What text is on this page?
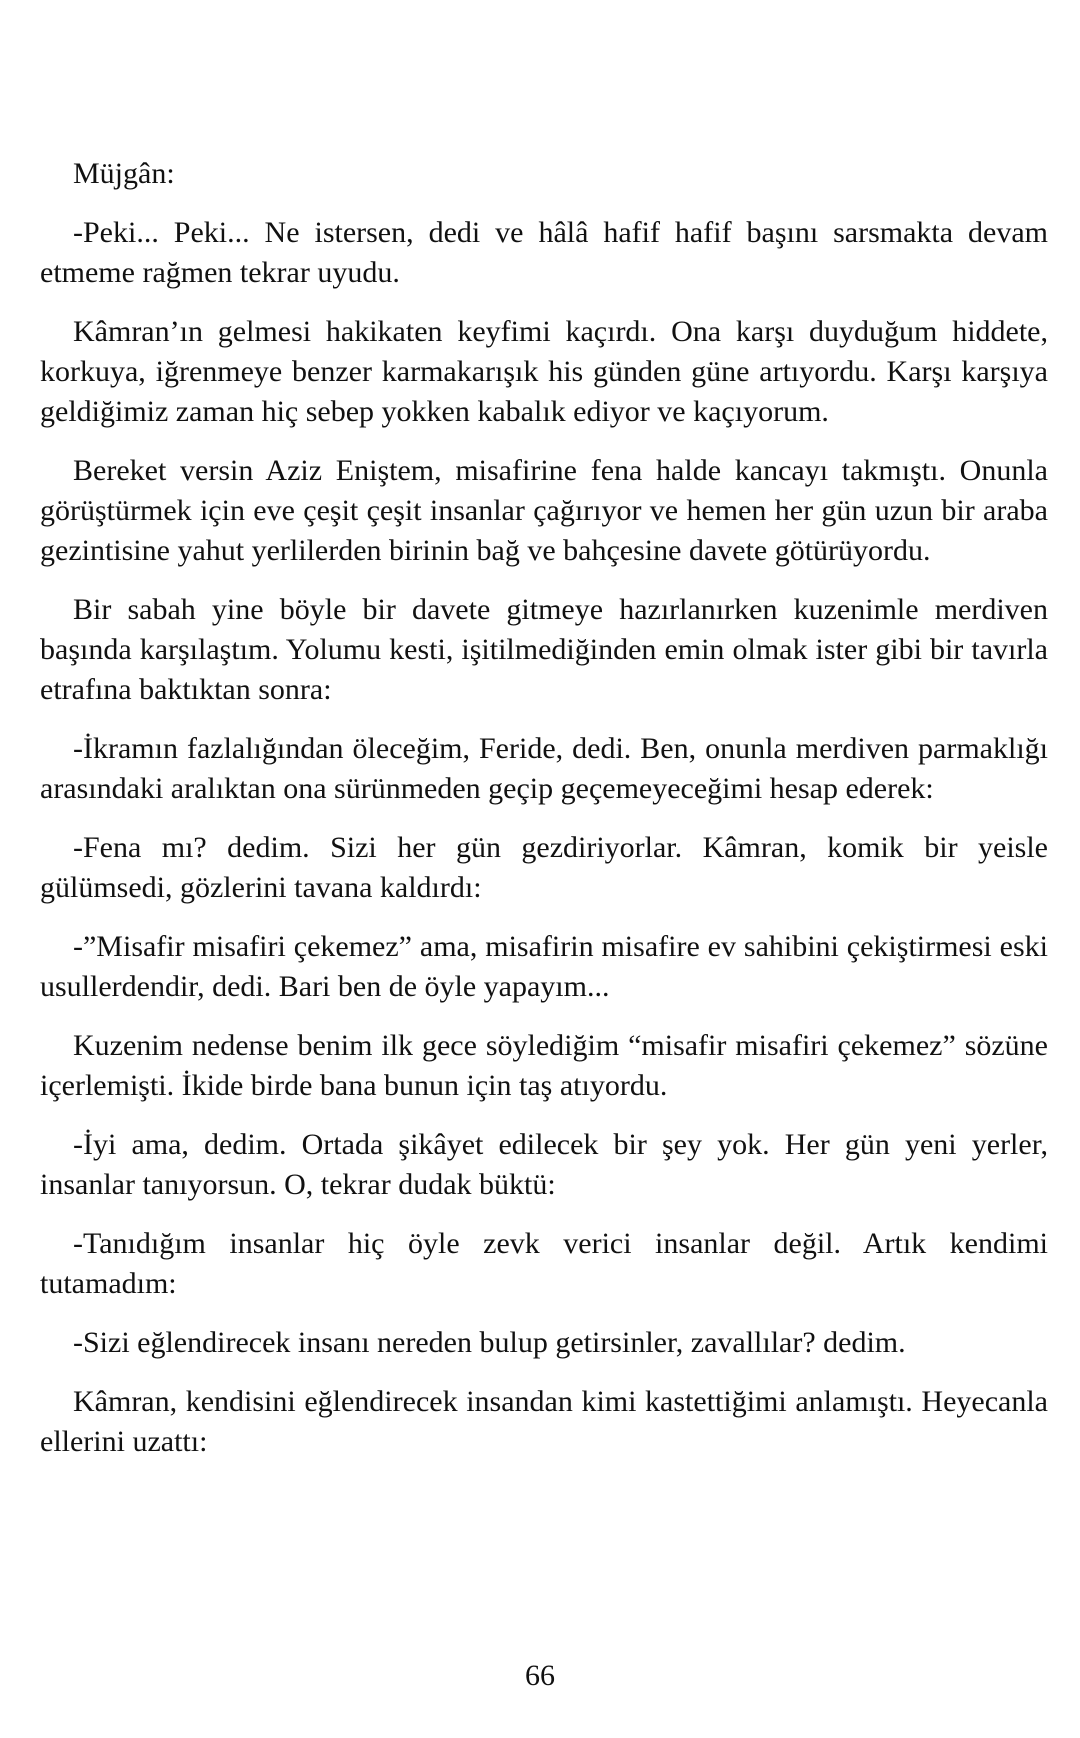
Müjgân:

-Peki... Peki... Ne istersen, dedi ve hâlâ hafif hafif başını sarsmakta devam etmeme rağmen tekrar uyudu.

Kâmran’ın gelmesi hakikaten keyfimi kaçırdı. Ona karşı duyduğum hiddete, korkuya, iğrenmeye benzer karmakarışık his günden güne artıyordu. Karşı karşıya geldiğimiz zaman hiç sebep yokken kabalık ediyor ve kaçıyorum.

Bereket versin Aziz Eniştem, misafirine fena halde kancayı takmıştı. Onunla görüştürmek için eve çeşit çeşit insanlar çağırıyor ve hemen her gün uzun bir araba gezintisine yahut yerlilerden birinin bağ ve bahçesine davete götürüyordu.

Bir sabah yine böyle bir davete gitmeye hazırlanırken kuzenimle merdiven başında karşılaştım. Yolumu kesti, işitilmediğinden emin olmak ister gibi bir tavırla etrafına baktıktan sonra:

-İkramın fazlalığından öleceğim, Feride, dedi. Ben, onunla merdiven parmaklığı arasındaki aralıktan ona sürünmeden geçip geçemeyeceğimi hesap ederek:

-Fena mı? dedim. Sizi her gün gezdiriyorlar. Kâmran, komik bir yeisle gülümsedi, gözlerini tavana kaldırdı:

-”Misafir misafiri çekemez” ama, misafirin misafire ev sahibini çekiştirmesi eski usullerdendir, dedi. Bari ben de öyle yapayım...

Kuzenim nedense benim ilk gece söylediğim “misafir misafiri çekemez” sözüne içerlemişti. İkide birde bana bunun için taş atıyordu.

-İyi ama, dedim. Ortada şikâyet edilecek bir şey yok. Her gün yeni yerler, insanlar tanıyorsun. O, tekrar dudak büktü:

-Tanıdığım insanlar hiç öyle zevk verici insanlar değil. Artık kendimi tutamadım:

-Sizi eğlendirecek insanı nereden bulup getirsinler, zavallılar? dedim.

Kâmran, kendisini eğlendirecek insandan kimi kastettiğimi anlamıştı. Heyecanla ellerini uzattı:

66
